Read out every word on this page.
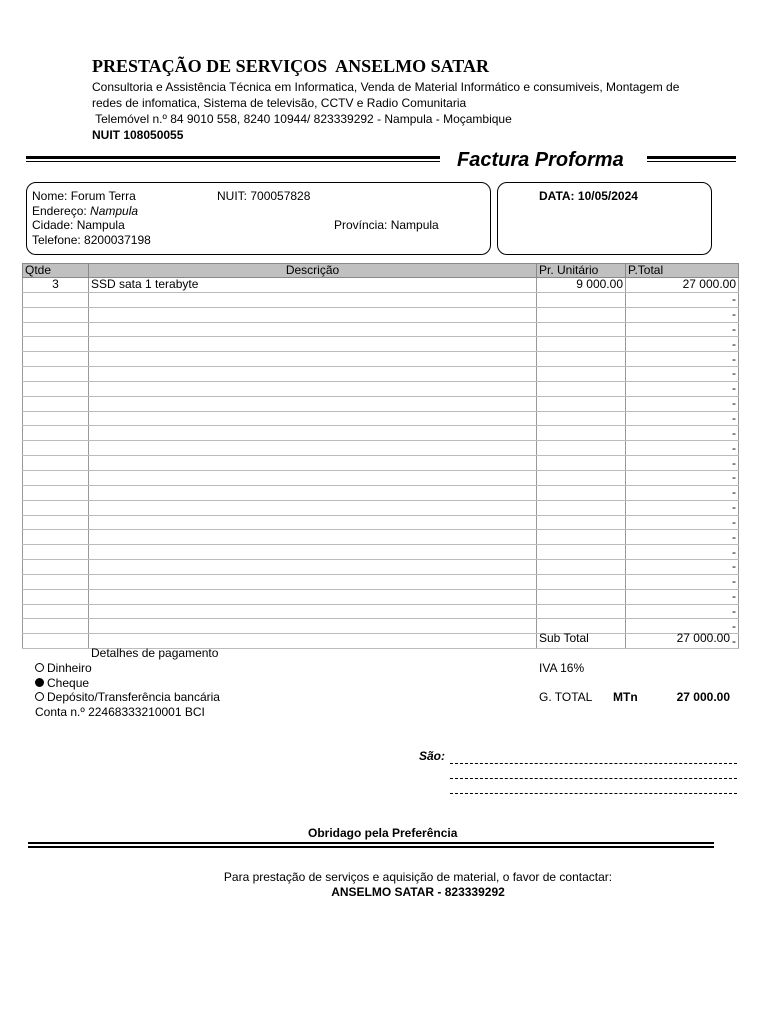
PRESTAÇÃO DE SERVIÇOS  ANSELMO SATAR
Consultoria e Assistência Técnica em Informatica, Venda de Material Informático e consumiveis, Montagem de
redes de infomatica, Sistema de televisão, CCTV e Radio Comunitaria
Telemóvel n.º 84 9010 558, 8240 10944/ 823339292 - Nampula - Moçambique
NUIT 108050055
Factura Proforma
Nome: Forum Terra	NUIT: 700057828
Endereço: Nampula
Cidade: Nampula	Província: Nampula
Telefone: 8200037198
DATA: 10/05/2024
Qtde	Descrição	Pr. Unitário	P.Total
3	SSD sata 1 terabyte	9 000.00	27 000.00
			-
			-
			-
			-
			-
			-
			-
			-
			-
			-
			-
			-
			-
			-
			-
			-
			-
			-
			-
			-
			-
			-
			-
			-
Sub Total	27 000.00
IVA 16%
G. TOTAL MTn	27 000.00
Detalhes de pagamento
Dinheiro
Cheque
Depósito/Transferência bancária
Conta n.º 22468333210001 BCI
São:
Obridago pela Preferência
Para prestação de serviços e aquisição de material, o favor de contactar:
ANSELMO SATAR - 823339292
